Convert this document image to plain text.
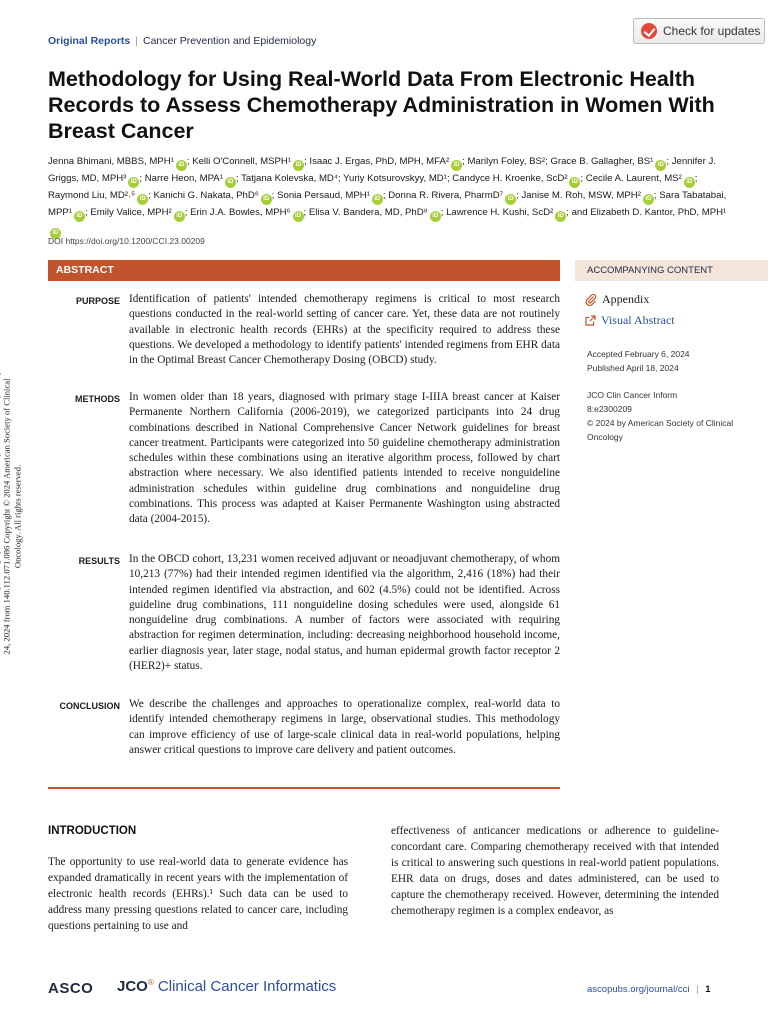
24, 2024 from 140.112.071.086 Copyright © 2024 American Society of Clinical Oncology. All rights reserved.
Original Reports | Cancer Prevention and Epidemiology
Check for updates
Methodology for Using Real-World Data From Electronic Health Records to Assess Chemotherapy Administration in Women With Breast Cancer
Jenna Bhimani, MBBS, MPH¹ iD ; Kelli O'Connell, MSPH¹ iD ; Isaac J. Ergas, PhD, MPH, MFA² iD ; Marilyn Foley, BS²; Grace B. Gallagher, BS¹ iD ; Jennifer J. Griggs, MD, MPH³ iD ; Narre Heon, MPA¹ iD ; Tatjana Kolevska, MD⁴; Yuriy Kotsurovskyy, MD¹; Candyce H. Kroenke, ScD² iD ; Cecile A. Laurent, MS² iD ; Raymond Liu, MD²˒⁵ iD ; Kanichi G. Nakata, PhD⁶ iD ; Sonia Persaud, MPH¹ iD ; Donna R. Rivera, PharmD⁷ iD ; Janise M. Roh, MSW, MPH² iD ; Sara Tabatabai, MPP¹ iD ; Emily Valice, MPH² iD ; Erin J.A. Bowles, MPH⁶ iD ; Elisa V. Bandera, MD, PhD⁸ iD ; Lawrence H. Kushi, ScD² iD ; and Elizabeth D. Kantor, PhD, MPH¹iD
ABSTRACT	ACCOMPANYING CONTENT
DOI https://doi.org/10.1200/CCI.23.00209
PURPOSE Identification of patients' intended chemotherapy regimens is critical to most research questions conducted in the real-world setting of cancer care. Yet, these data are not routinely available in electronic health records (EHRs) at the specificity required to address these questions. We developed a methodology to identify patients' intended regimens from EHR data in the Optimal Breast Cancer Chemotherapy Dosing (OBCD) study.
METHODS In women older than 18 years, diagnosed with primary stage I-IIIA breast cancer at Kaiser Permanente Northern California (2006-2019), we categorized participants into 24 drug combinations described in National Comprehensive Cancer Network guidelines for breast cancer treatment. Participants were categorized into 50 guideline chemotherapy administration schedules within these combinations using an iterative algorithm process, followed by chart abstraction where necessary. We also identified patients intended to receive nonguideline administration schedules within guideline drug combinations and nonguideline drug combinations. This process was adapted at Kaiser Permanente Washington using abstracted data (2004-2015).
RESULTS In the OBCD cohort, 13,231 women received adjuvant or neoadjuvant chemotherapy, of whom 10,213 (77%) had their intended regimen identified via the algorithm, 2,416 (18%) had their intended regimen identified via abstraction, and 602 (4.5%) could not be identified. Across guideline drug combinations, 111 nonguideline dosing schedules were used, alongside 61 nonguideline drug combinations. A number of factors were associated with requiring abstraction for regimen determination, including: decreasing neighborhood household income, earlier diagnosis year, later stage, nodal status, and human epidermal growth factor receptor 2 (HER2)+ status.
CONCLUSION We describe the challenges and approaches to operationalize complex, real-world data to identify intended chemotherapy regimens in large, observational studies. This methodology can improve efficiency of use of large-scale clinical data in real-world populations, helping answer critical questions to improve care delivery and patient outcomes.
Appendix
Visual Abstract
Accepted February 6, 2024
Published April 18, 2024
JCO Clin Cancer Inform
8:e2300209
© 2024 by American Society of Clinical Oncology
INTRODUCTION
The opportunity to use real-world data to generate evidence has expanded dramatically in recent years with the implementation of electronic health records (EHRs).¹ Such data can be used to address many pressing questions related to cancer care, including questions pertaining to use and
effectiveness of anticancer medications or adherence to guideline-concordant care. Comparing chemotherapy received with that intended is critical to answering such questions in real-world patient populations. EHR data on drugs, doses and dates administered, can be used to capture the chemotherapy received. However, determining the intended chemotherapy regimen is a complex endeavor, as
ASCO JCO® Clinical Cancer Informatics	ascopubs.org/journal/cci | 1
